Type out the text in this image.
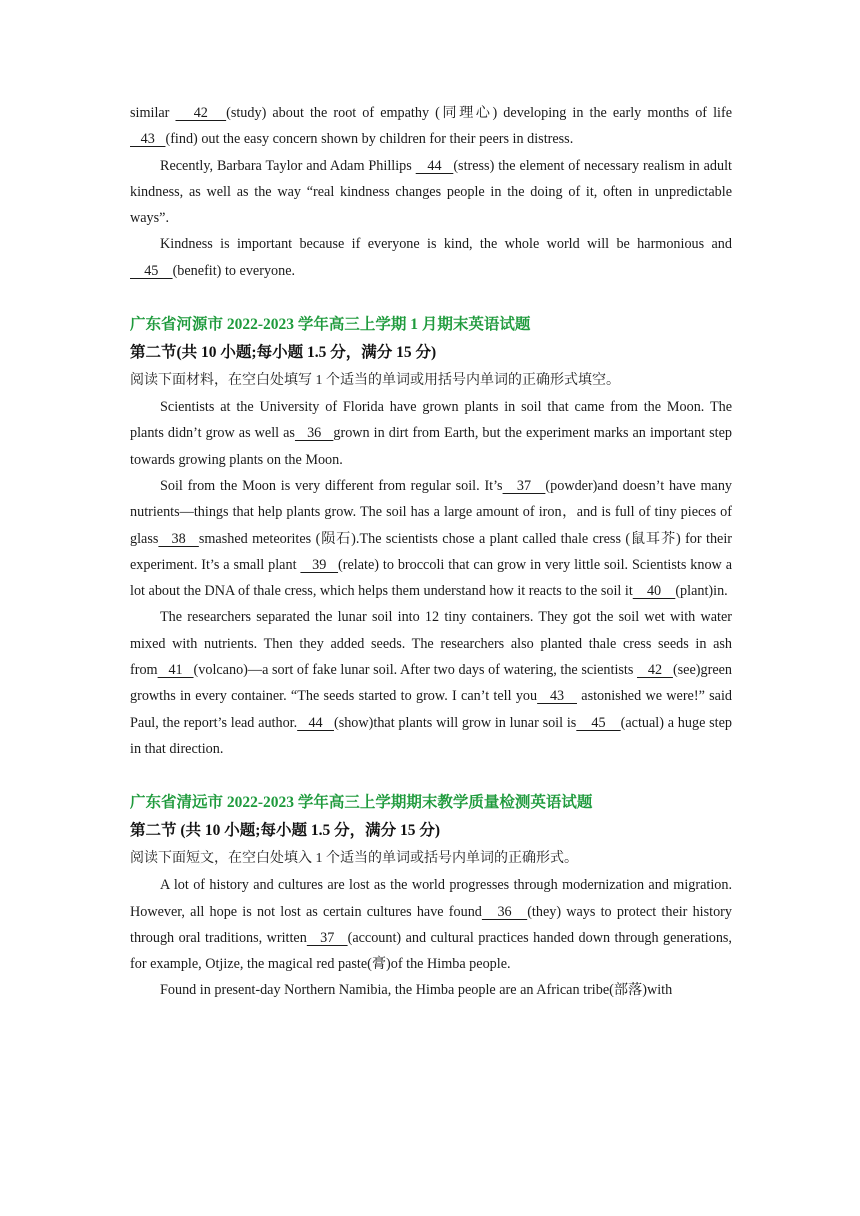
similar    42   (study) about the root of empathy (同理心) developing in the early months of life    43   (find) out the easy concern shown by children for their peers in distress.

Recently, Barbara Taylor and Adam Phillips    44   (stress) the element of necessary realism in adult kindness, as well as the way “real kindness changes people in the doing of it, often in unpredictable ways”.

Kindness is important because if everyone is kind, the whole world will be harmonious and     45    (benefit) to everyone.

广东省河源市 2022-2023 学年高三上学期 1 月期末英语试题
第二节(共 10 小题;每小题 1.5 分，满分 15 分)

阅读下面材料，在空白处填写 1 个适当的单词或用括号内单词的正确形式填空。

Scientists at the University of Florida have grown plants in soil that came from the Moon. The plants didn’t grow as well as   36   grown in dirt from Earth, but the experiment marks an important step towards growing plants on the Moon.

Soil from the Moon is very different from regular soil. It’s   37   (powder)and doesn’t have many nutrients—things that help plants grow. The soil has a large amount of iron，and is full of tiny pieces of glass   38   smashed meteorites (陨石).The scientists chose a plant called thale cress (鼠耳芥) for their experiment. It’s a small plant    39   (relate) to broccoli that can grow in very little soil. Scientists know a lot about the DNA of thale cress, which helps them understand how it reacts to the soil it    40    (plant)in.

The researchers separated the lunar soil into 12 tiny containers. They got the soil wet with water mixed with nutrients. Then they added seeds. The researchers also planted thale cress seeds in ash from   41   (volcano)—a sort of fake lunar soil. After two days of watering, the scientists    42   (see)green growths in every container. “The seeds started to grow. I can’t tell you   43    astonished we were!” said Paul, the report’s lead author.   44   (show)that plants will grow in lunar soil is    45    (actual) a huge step in that direction.

广东省清远市 2022-2023 学年高三上学期期末教学质量检测英语试题
第二节 (共 10 小题;每小题 1.5 分，满分 15 分)

阅读下面短文，在空白处填入 1 个适当的单词或括号内单词的正确形式。

A lot of history and cultures are lost as the world progresses through modernization and migration. However, all hope is not lost as certain cultures have found   36   (they) ways to protect their history through oral traditions, written   37   (account) and cultural practices handed down through generations, for example, Otjize, the magical red paste(膏)of the Himba people.

Found in present-day Northern Namibia, the Himba people are an African tribe(部落)with
